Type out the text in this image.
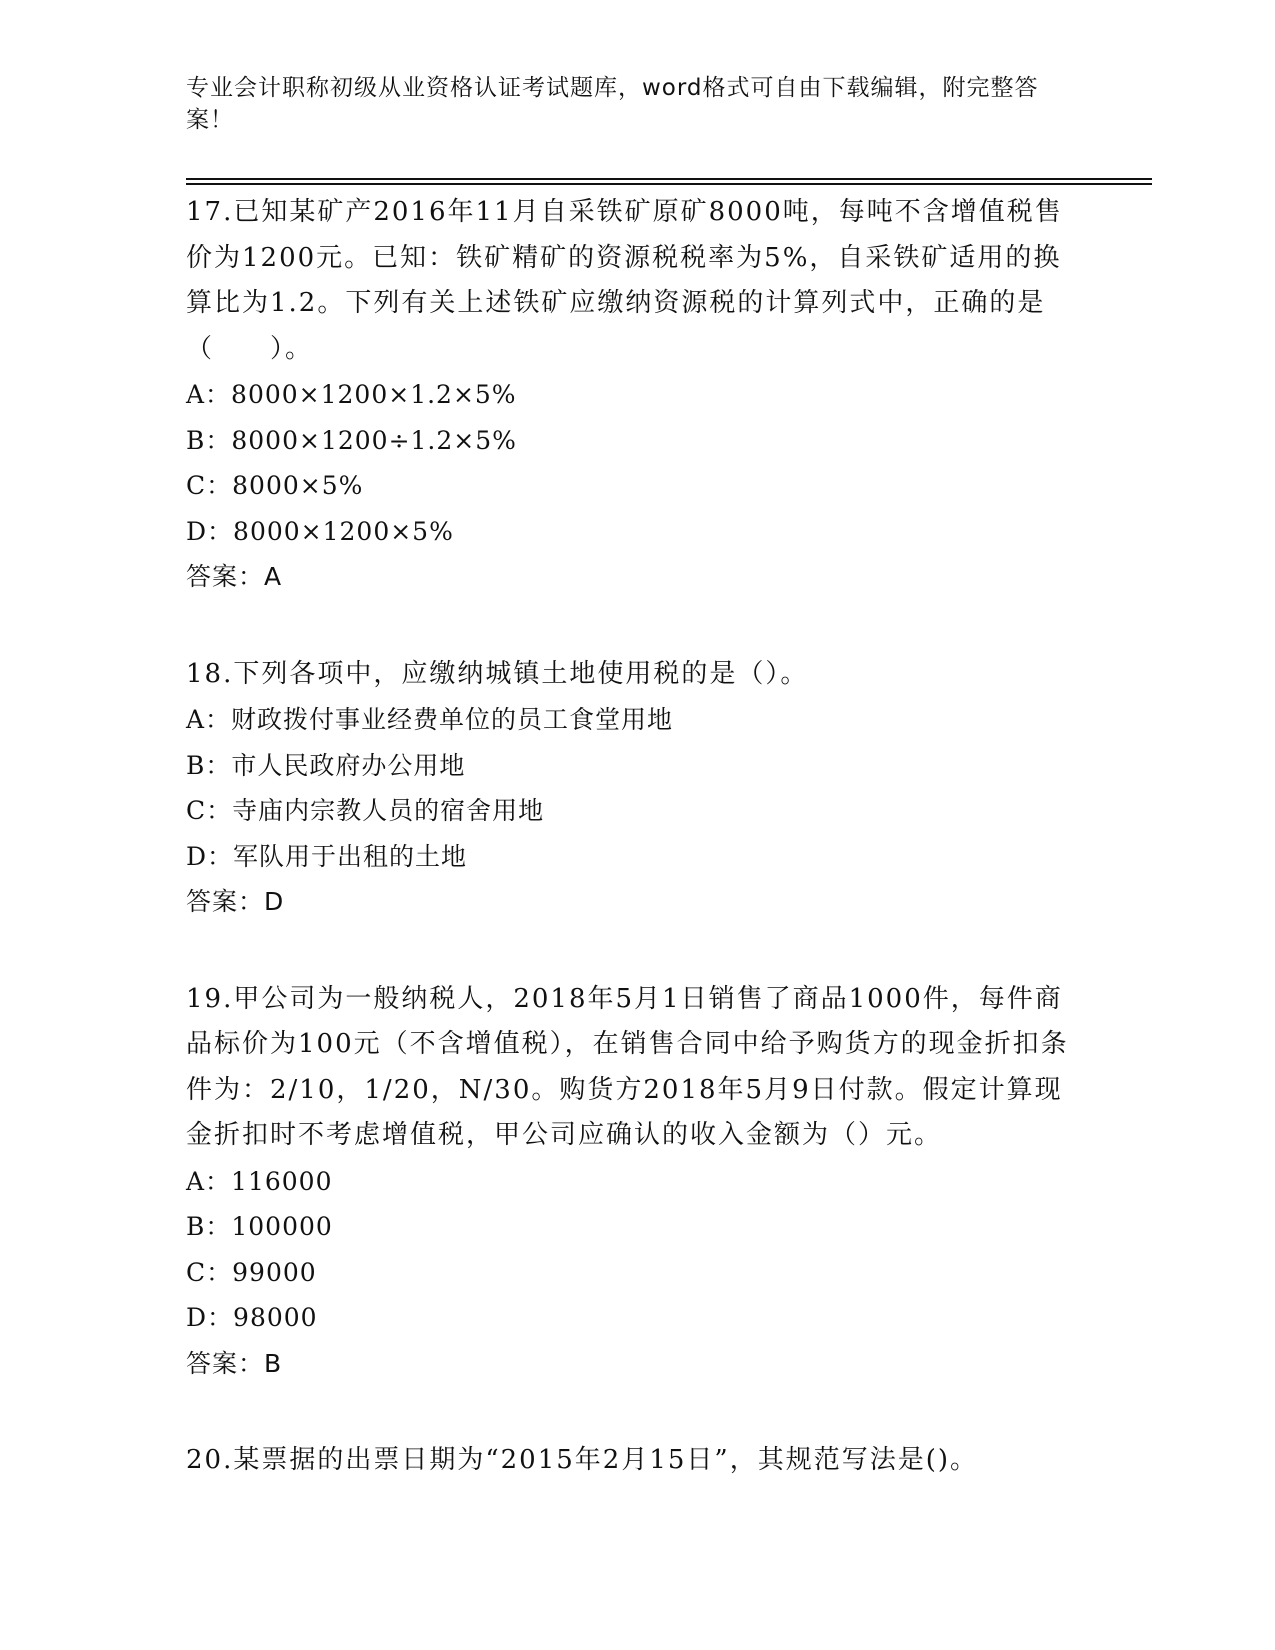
专业会计职称初级从业资格认证考试题库，word格式可自由下载编辑，附完整答案！

17.已知某矿产2016年11月自采铁矿原矿8000吨，每吨不含增值税售价为1200元。已知：铁矿精矿的资源税税率为5%，自采铁矿适用的换算比为1.2。下列有关上述铁矿应缴纳资源税的计算列式中，正确的是（　　）。

A：8000×1200×1.2×5%

B：8000×1200÷1.2×5%

C：8000×5%

D：8000×1200×5%

答案：A

18.下列各项中，应缴纳城镇土地使用税的是（）。

A：财政拨付事业经费单位的员工食堂用地

B：市人民政府办公用地

C：寺庙内宗教人员的宿舍用地

D：军队用于出租的土地

答案：D

19.甲公司为一般纳税人，2018年5月1日销售了商品1000件，每件商品标价为100元（不含增值税），在销售合同中给予购货方的现金折扣条件为：2/10，1/20，N/30。购货方2018年5月9日付款。假定计算现金折扣时不考虑增值税，甲公司应确认的收入金额为（）元。

A：116000

B：100000

C：99000

D：98000

答案：B

20.某票据的出票日期为“2015年2月15日”，其规范写法是()。
